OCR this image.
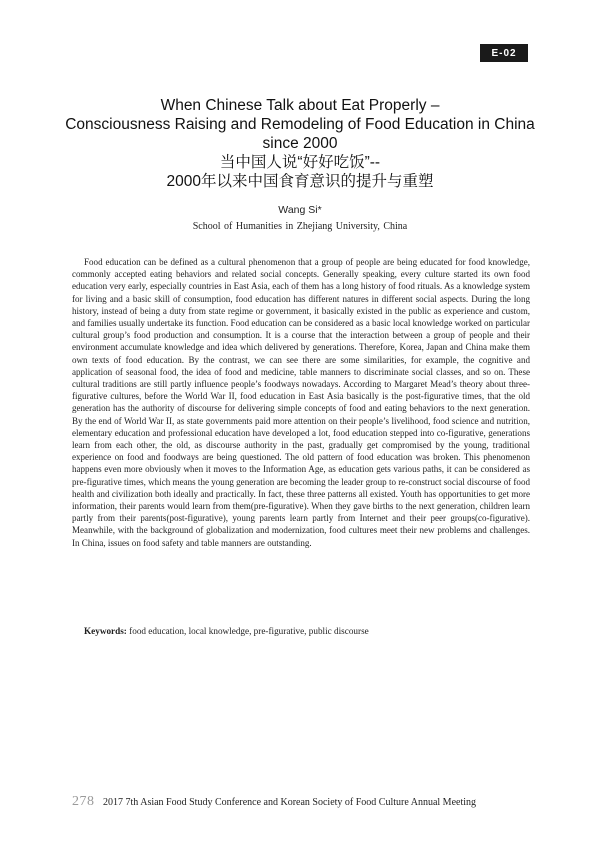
E-02
When Chinese Talk about Eat Properly –
Consciousness Raising and Remodeling of Food Education in China
since 2000
当中国人说“好好吃饭”--
2000年以来中国食育意识的提升与重塑
Wang Si*
School of Humanities in Zhejiang University, China

Food education can be defined as a cultural phenomenon that a group of people are being educated for food knowledge, commonly accepted eating behaviors and related social concepts. Generally speaking, every culture started its own food education very early, especially countries in East Asia, each of them has a long history of food rituals. As a knowledge system for living and a basic skill of consumption, food education has different natures in different social aspects. During the long history, instead of being a duty from state regime or government, it basically existed in the public as experience and custom, and families usually undertake its function. Food education can be considered as a basic local knowledge worked on particular cultural group’s food production and consumption. It is a course that the interaction between a group of people and their environment accumulate knowledge and idea which delivered by generations. Therefore, Korea, Japan and China make them own texts of food education. By the contrast, we can see there are some similarities, for example, the cognitive and application of seasonal food, the idea of food and medicine, table manners to discriminate social classes, and so on. These cultural traditions are still partly influence people’s foodways nowadays. According to Margaret Mead’s theory about three-figurative cultures, before the World War II, food education in East Asia basically is the post-figurative times, that the old generation has the authority of discourse for delivering simple concepts of food and eating behaviors to the next generation. By the end of World War II, as state governments paid more attention on their people’s livelihood, food science and nutrition, elementary education and professional education have developed a lot, food education stepped into co-figurative, generations learn from each other, the old, as discourse authority in the past, gradually get compromised by the young, traditional experience on food and foodways are being questioned. The old pattern of food education was broken. This phenomenon happens even more obviously when it moves to the Information Age, as education gets various paths, it can be considered as pre-figurative times, which means the young generation are becoming the leader group to re-construct social discourse of food health and civilization both ideally and practically. In fact, these three patterns all existed. Youth has opportunities to get more information, their parents would learn from them(pre-figurative). When they gave births to the next generation, children learn partly from their parents(post-figurative), young parents learn partly from Internet and their peer groups(co-figurative). Meanwhile, with the background of globalization and modernization, food cultures meet their new problems and challenges. In China, issues on food safety and table manners are outstanding.

Keywords: food education, local knowledge, pre-figurative, public discourse
278 2017 7th Asian Food Study Conference and Korean Society of Food Culture Annual Meeting
